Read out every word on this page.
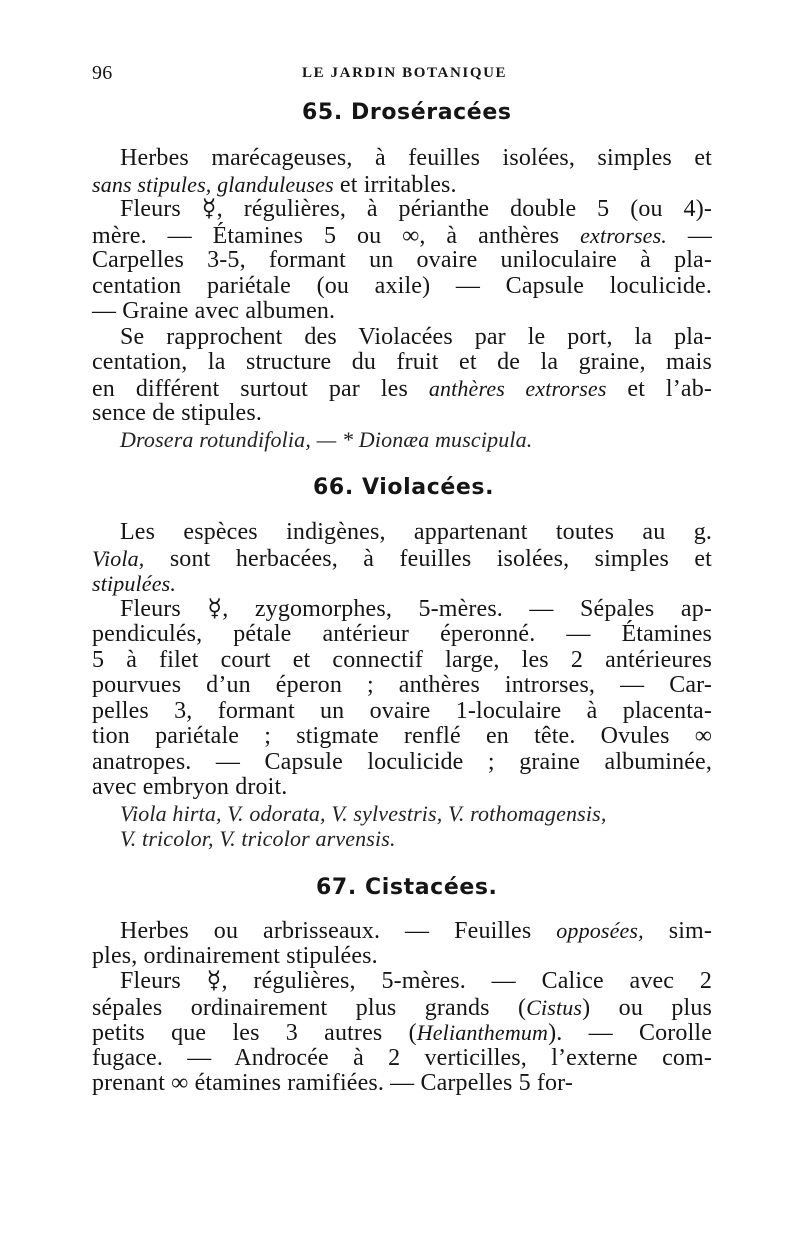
96	LE JARDIN BOTANIQUE
65. Droséracées
Herbes marécageuses, à feuilles isolées, simples et
sans stipules, glanduleuses et irritables.
Fleurs ☿, régulières, à périanthe double 5 (ou 4)-
mère. — Étamines 5 ou ∞, à anthères extrorses. —
Carpelles 3-5, formant un ovaire uniloculaire à pla-
centation pariétale (ou axile) — Capsule loculicide.
— Graine avec albumen.
Se rapprochent des Violacées par le port, la pla-
centation, la structure du fruit et de la graine, mais
en différent surtout par les anthères extrorses et l’ab-
sence de stipules.
Drosera rotundifolia, — * Dionæa muscipula.
66. Violacées.
Les espèces indigènes, appartenant toutes au g.
Viola, sont herbacées, à feuilles isolées, simples et
stipulées.
Fleurs ☿, zygomorphes, 5-mères. — Sépales ap-
pendiculés, pétale antérieur éperonné. — Étamines
5 à filet court et connectif large, les 2 antérieures
pourvues d’un éperon ; anthères introrses, — Car-
pelles 3, formant un ovaire 1-loculaire à placenta-
tion pariétale ; stigmate renflé en tête. Ovules ∞
anatropes. — Capsule loculicide ; graine albuminée,
avec embryon droit.
Viola hirta, V. odorata, V. sylvestris, V. rothomagensis,
V. tricolor, V. tricolor arvensis.
67. Cistacées.
Herbes ou arbrisseaux. — Feuilles opposées, sim-
ples, ordinairement stipulées.
Fleurs ☿, régulières, 5-mères. — Calice avec 2
sépales ordinairement plus grands (Cistus) ou plus
petits que les 3 autres (Helianthemum). — Corolle
fugace. — Androcée à 2 verticilles, l’externe com-
prenant ∞ étamines ramifiées. — Carpelles 5 for-
